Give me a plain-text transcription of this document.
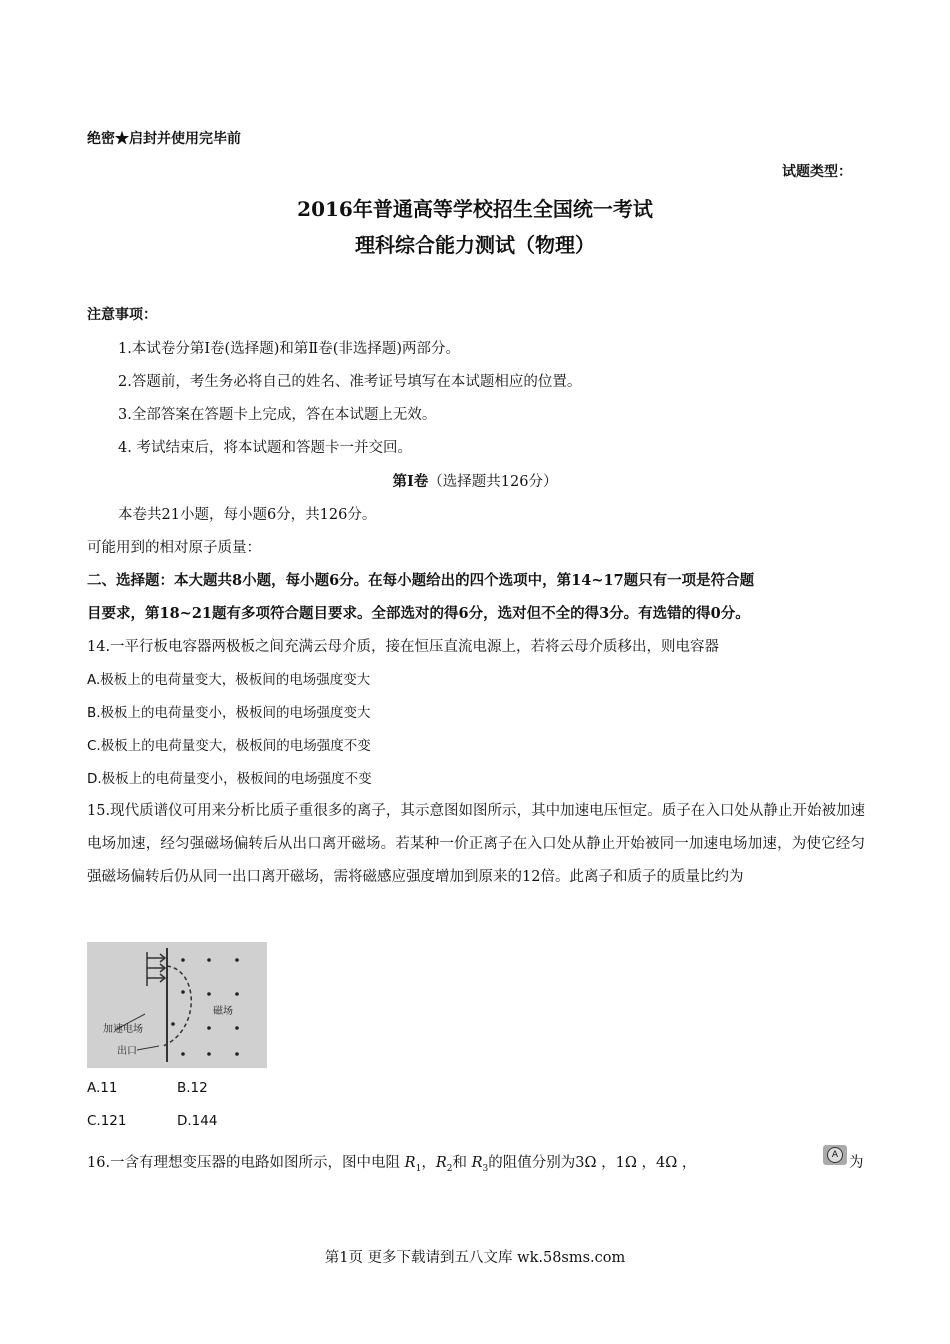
绝密★启封并使用完毕前
试题类型：
2016年普通高等学校招生全国统一考试
理科综合能力测试（物理）
注意事项：
1.本试卷分第Ⅰ卷(选择题)和第Ⅱ卷(非选择题)两部分。
2.答题前，考生务必将自己的姓名、准考证号填写在本试题相应的位置。
3.全部答案在答题卡上完成，答在本试题上无效。
4. 考试结束后，将本试题和答题卡一并交回。
第Ⅰ卷（选择题共126分）
本卷共21小题，每小题6分，共126分。
可能用到的相对原子质量：
二、选择题：本大题共8小题，每小题6分。在每小题给出的四个选项中，第14~17题只有一项是符合题
目要求，第18~21题有多项符合题目要求。全部选对的得6分，选对但不全的得3分。有选错的得0分。
14.一平行板电容器两极板之间充满云母介质，接在恒压直流电源上，若将云母介质移出，则电容器
A.极板上的电荷量变大，极板间的电场强度变大
B.极板上的电荷量变小，极板间的电场强度变大
C.极板上的电荷量变大，极板间的电场强度不变
D.极板上的电荷量变小，极板间的电场强度不变
15.现代质谱仪可用来分析比质子重很多的离子，其示意图如图所示，其中加速电压恒定。质子在入口处从静止开始被加速电场加速，经匀强磁场偏转后从出口离开磁场。若某种一价正离子在入口处从静止开始被同一加速电场加速，为使它经匀强磁场偏转后仍从同一出口离开磁场，需将磁感应强度增加到原来的12倍。此离子和质子的质量比约为
加速电场
磁场
出口
A.11	B.12
C.121	D.144
16.一含有理想变压器的电路如图所示，图中电阻 $R_1$，$R_2$和 $R_3$的阻值分别为3Ω ，1Ω ，4Ω ，	A 为
第1页 更多下载请到五八文库 wk.58sms.com
